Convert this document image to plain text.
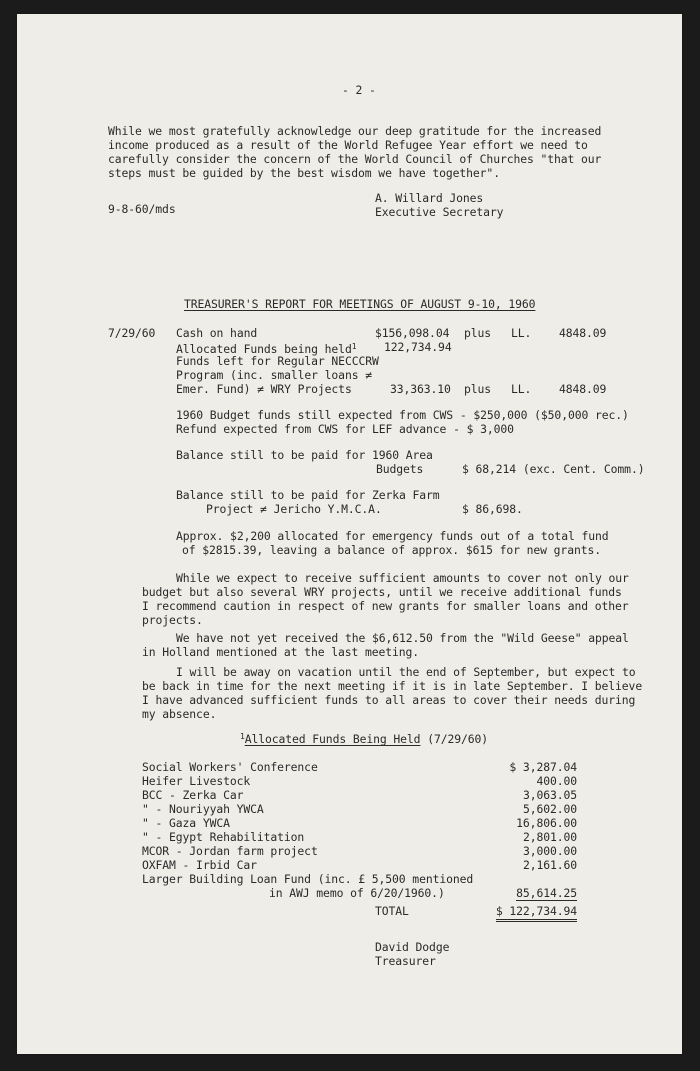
- 2 -
While we most gratefully acknowledge our deep gratitude for the increased
income produced as a result of the World Refugee Year effort we need to
carefully consider the concern of the World Council of Churches "that our
steps must be guided by the best wisdom we have together".
9-8-60/mds
A. Willard Jones
Executive Secretary
TREASURER'S REPORT FOR MEETINGS OF AUGUST 9-10, 1960
7/29/60 Cash on hand	$156,098.04 plus LL. 4848.09
Allocated Funds being held$^1$ 122,734.94
Funds left for Regular NECCCRW
Program (inc. smaller loans ≠
Emer. Fund) ≠ WRY Projects	33,363.10 plus LL. 4848.09
1960 Budget funds still expected from CWS - $250,000 ($50,000 rec.)
Refund expected from CWS for LEF advance - $ 3,000
Balance still to be paid for 1960 Area
Budgets	$ 68,214 (exc. Cent. Comm.)
Balance still to be paid for Zerka Farm
Project ≠ Jericho Y.M.C.A.	$ 86,698.
Approx. $2,200 allocated for emergency funds out of a total fund
of $2815.39, leaving a balance of approx. $615 for new grants.
While we expect to receive sufficient amounts to cover not only our
budget but also several WRY projects, until we receive additional funds
I recommend caution in respect of new grants for smaller loans and other
projects.
We have not yet received the $6,612.50 from the "Wild Geese" appeal
in Holland mentioned at the last meeting.
I will be away on vacation until the end of September, but expect to
be back in time for the next meeting if it is in late September. I believe
I have advanced sufficient funds to all areas to cover their needs during
my absence.
$^1$Allocated Funds Being Held (7/29/60)
Social Workers' Conference	$ 3,287.04
Heifer Livestock	400.00
BCC - Zerka Car	3,063.05
" - Nouriyyah YWCA	5,602.00
" - Gaza YWCA	16,806.00
" - Egypt Rehabilitation	2,801.00
MCOR - Jordan farm project	3,000.00
OXFAM - Irbid Car	2,161.60
Larger Building Loan Fund (inc. £ 5,500 mentioned
in AWJ memo of 6/20/1960.)	85,614.25
TOTAL	$ 122,734.94
David Dodge
Treasurer
